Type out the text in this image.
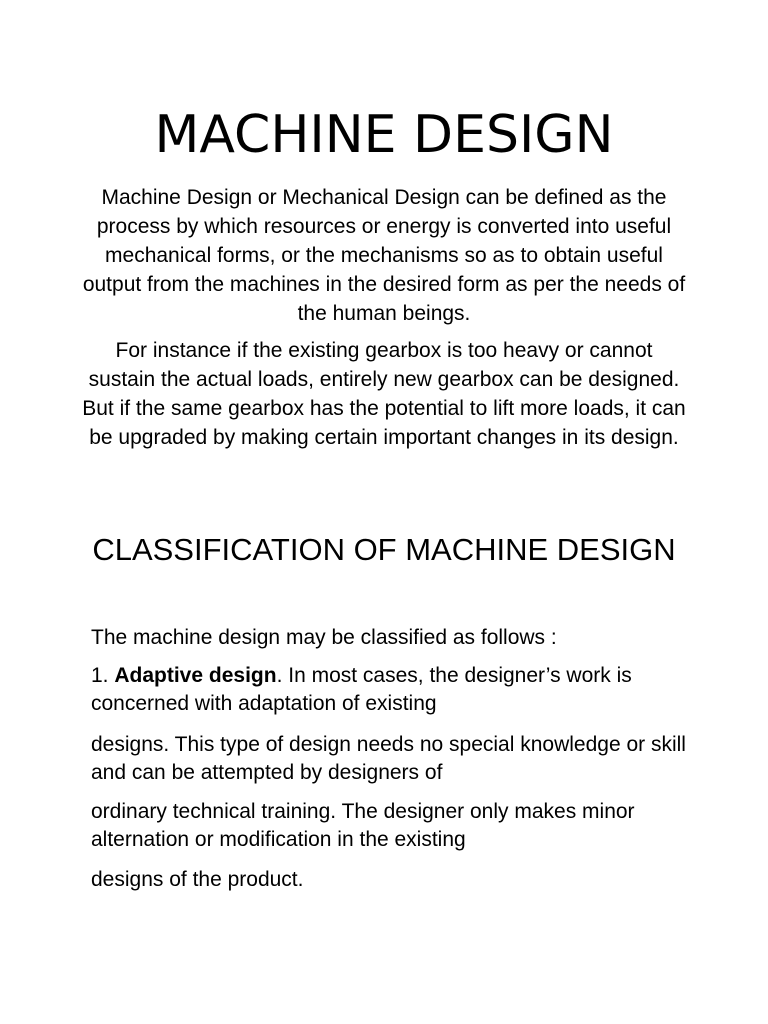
MACHINE DESIGN

Machine Design or Mechanical Design can be defined as the process by which resources or energy is converted into useful mechanical forms, or the mechanisms so as to obtain useful output from the machines in the desired form as per the needs of the human beings.

For instance if the existing gearbox is too heavy or cannot sustain the actual loads, entirely new gearbox can be designed. But if the same gearbox has the potential to lift more loads, it can be upgraded by making certain important changes in its design.

CLASSIFICATION OF MACHINE DESIGN

The machine design may be classified as follows :

1. Adaptive design. In most cases, the designer’s work is concerned with adaptation of existing

designs. This type of design needs no special knowledge or skill and can be attempted by designers of

ordinary technical training. The designer only makes minor alternation or modification in the existing

designs of the product.
